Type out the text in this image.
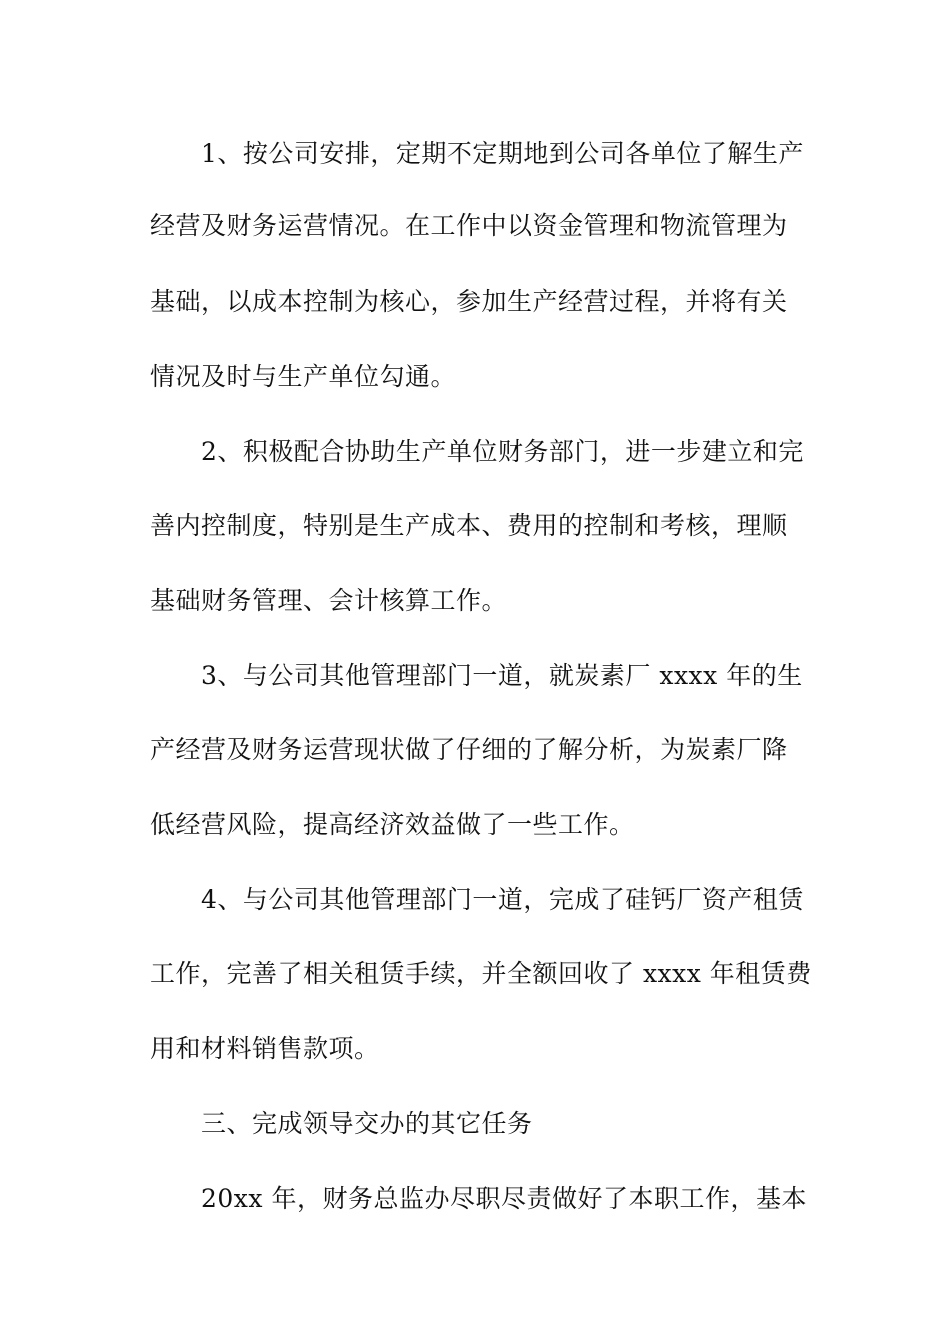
1、按公司安排，定期不定期地到公司各单位了解生产
经营及财务运营情况。在工作中以资金管理和物流管理为
基础，以成本控制为核心，参加生产经营过程，并将有关
情况及时与生产单位勾通。
2、积极配合协助生产单位财务部门，进一步建立和完
善内控制度，特别是生产成本、费用的控制和考核，理顺
基础财务管理、会计核算工作。
3、与公司其他管理部门一道，就炭素厂 xxxx 年的生
产经营及财务运营现状做了仔细的了解分析，为炭素厂降
低经营风险，提高经济效益做了一些工作。
4、与公司其他管理部门一道，完成了硅钙厂资产租赁
工作，完善了相关租赁手续，并全额回收了 xxxx 年租赁费
用和材料销售款项。
三、完成领导交办的其它任务
20xx 年，财务总监办尽职尽责做好了本职工作，基本
